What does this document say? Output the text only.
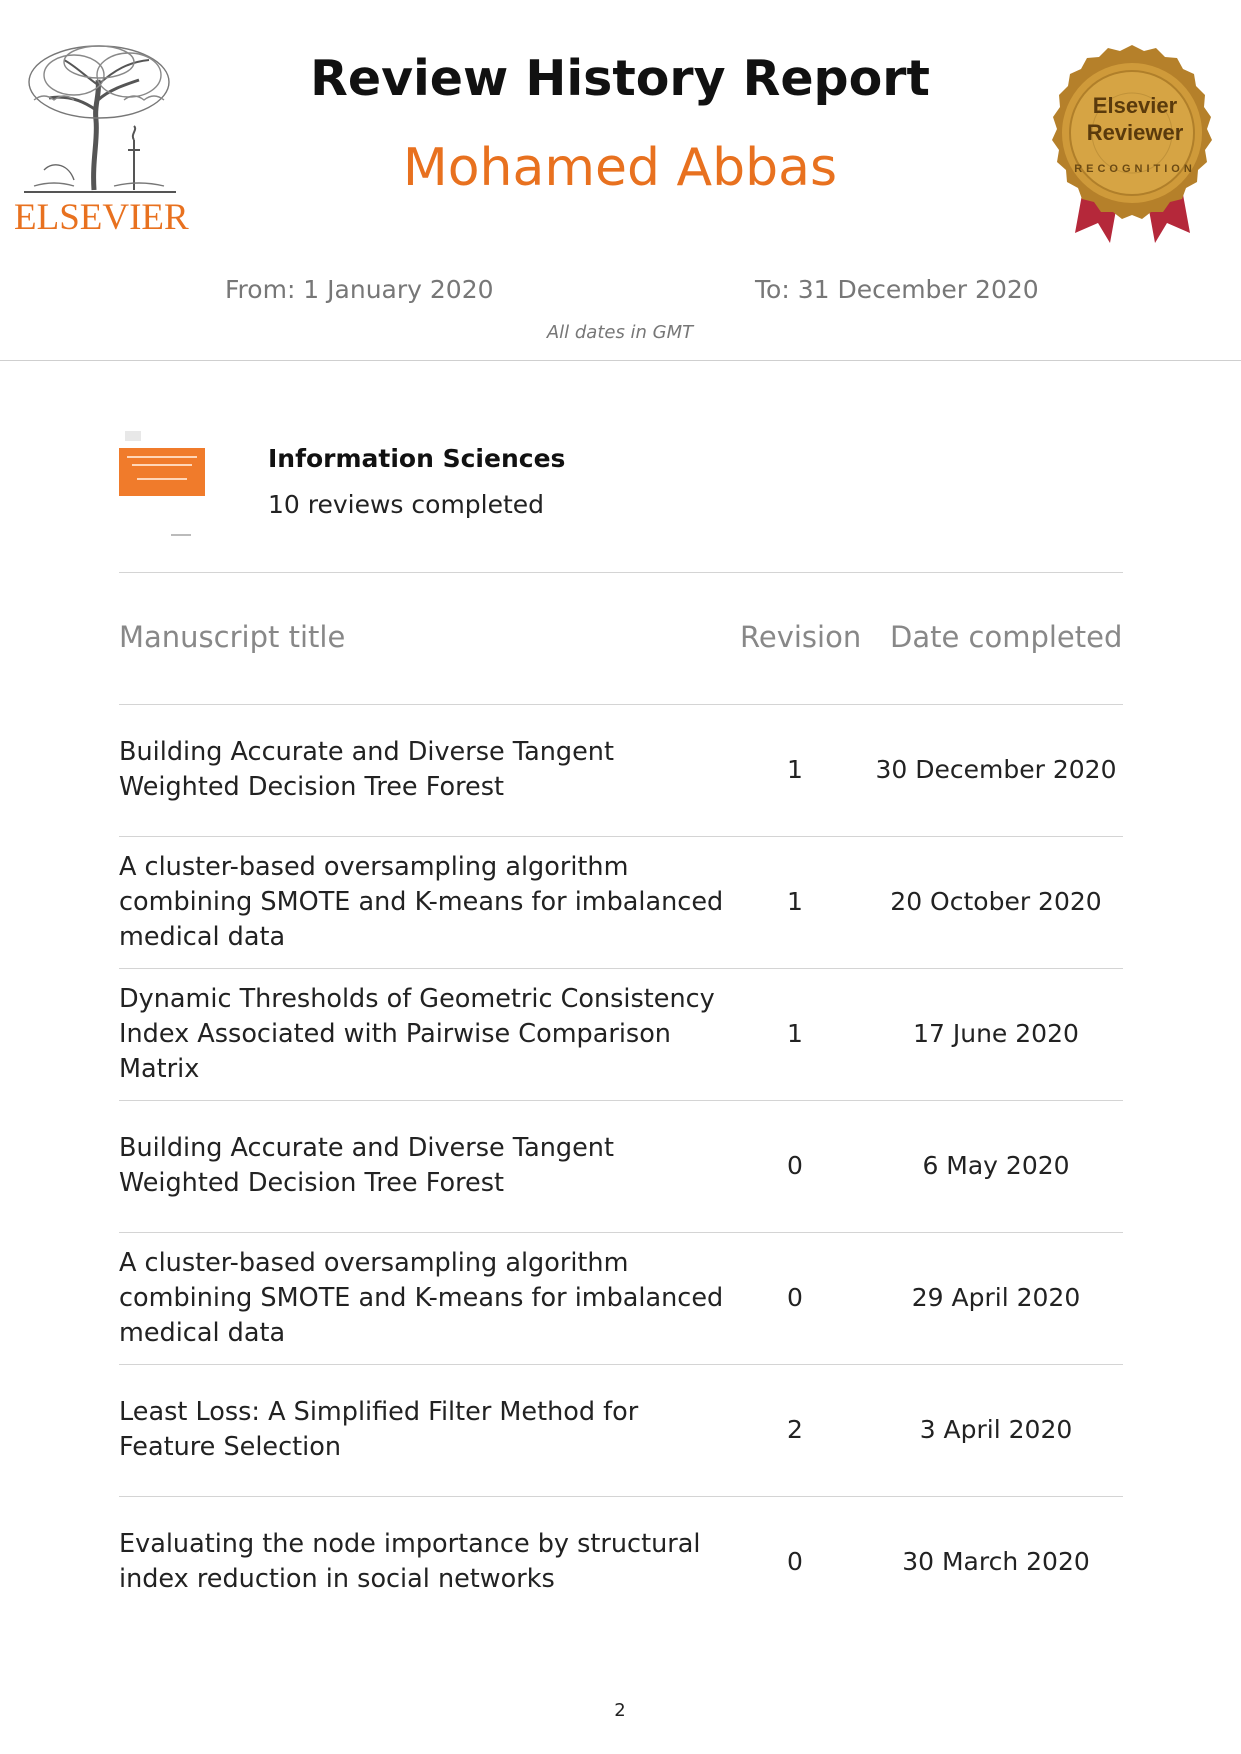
ELSEVIER
Review History Report
Mohamed Abbas
Elsevier
Reviewer
RECOGNITION
From: 1 January 2020	To: 31 December 2020
All dates in GMT
Information Sciences
10 reviews completed
Manuscript title	Revision Date completed
Building Accurate and Diverse Tangent Weighted Decision Tree Forest
1	30 December 2020
A cluster-based oversampling algorithm combining SMOTE and K-means for imbalanced medical data
1	20 October 2020
Dynamic Thresholds of Geometric Consistency Index Associated with Pairwise Comparison Matrix
1	17 June 2020
Building Accurate and Diverse Tangent Weighted Decision Tree Forest
0	6 May 2020
A cluster-based oversampling algorithm combining SMOTE and K-means for imbalanced medical data
0	29 April 2020
Least Loss: A Simplified Filter Method for Feature Selection
2	3 April 2020
Evaluating the node importance by structural index reduction in social networks
0	30 March 2020
2
